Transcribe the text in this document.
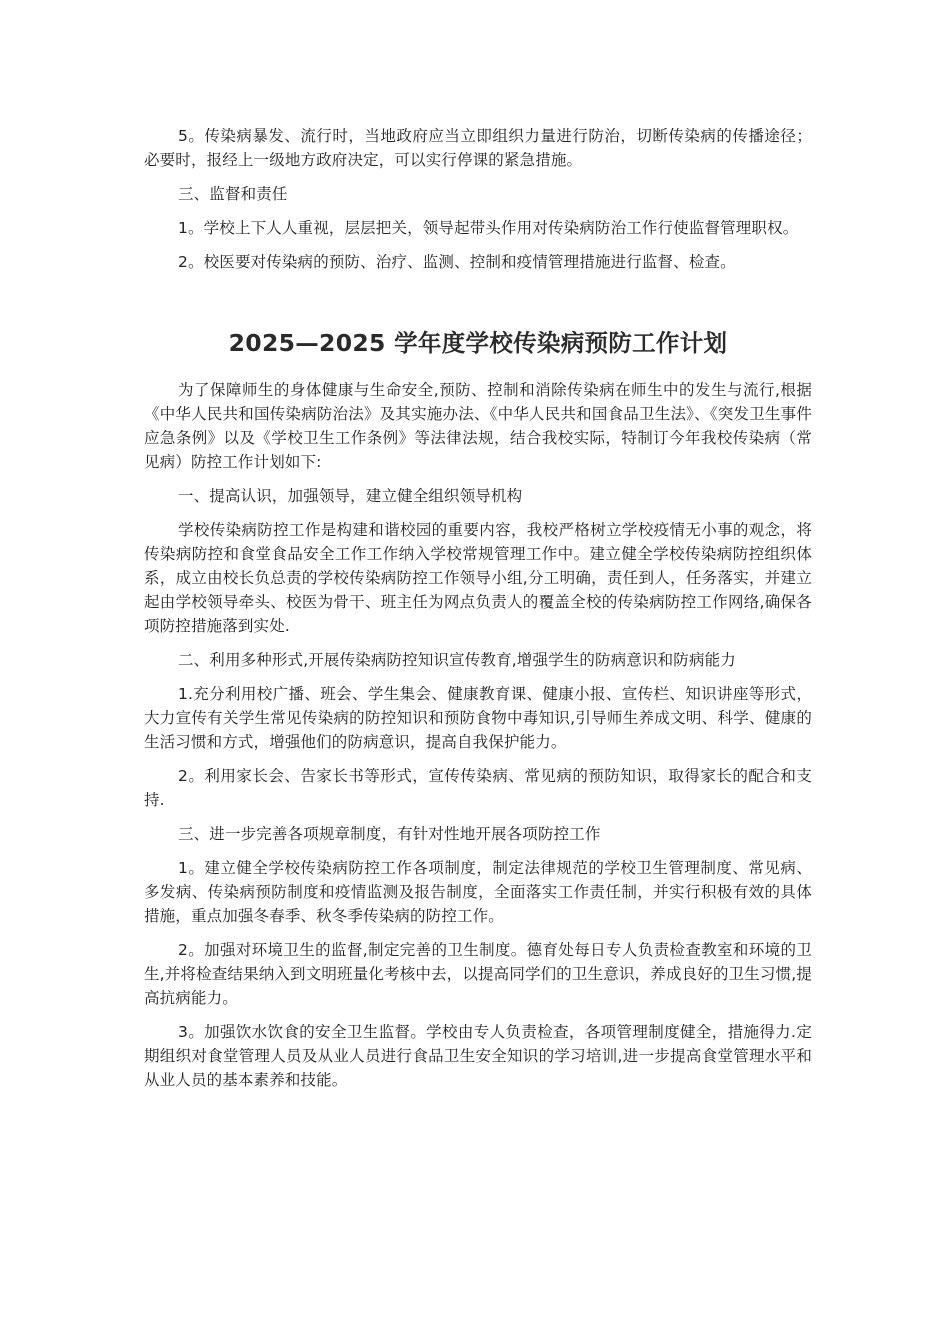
5。传染病暴发、流行时，当地政府应当立即组织力量进行防治，切断传染病的传播途径；必要时，报经上一级地方政府决定，可以实行停课的紧急措施。

三、监督和责任

1。学校上下人人重视，层层把关，领导起带头作用对传染病防治工作行使监督管理职权。

2。校医要对传染病的预防、治疗、监测、控制和疫情管理措施进行监督、检查。

2025—2025 学年度学校传染病预防工作计划

为了保障师生的身体健康与生命安全,预防、控制和消除传染病在师生中的发生与流行,根据《中华人民共和国传染病防治法》及其实施办法、《中华人民共和国食品卫生法》、《突发卫生事件应急条例》以及《学校卫生工作条例》等法律法规，结合我校实际，特制订今年我校传染病（常见病）防控工作计划如下:

一、提高认识，加强领导，建立健全组织领导机构

学校传染病防控工作是构建和谐校园的重要内容，我校严格树立学校疫情无小事的观念，将传染病防控和食堂食品安全工作工作纳入学校常规管理工作中。建立健全学校传染病防控组织体系，成立由校长负总责的学校传染病防控工作领导小组,分工明确，责任到人，任务落实，并建立起由学校领导牵头、校医为骨干、班主任为网点负责人的覆盖全校的传染病防控工作网络,确保各项防控措施落到实处.

二、利用多种形式,开展传染病防控知识宣传教育,增强学生的防病意识和防病能力

1.充分利用校广播、班会、学生集会、健康教育课、健康小报、宣传栏、知识讲座等形式，大力宣传有关学生常见传染病的防控知识和预防食物中毒知识,引导师生养成文明、科学、健康的生活习惯和方式，增强他们的防病意识，提高自我保护能力。

2。利用家长会、告家长书等形式，宣传传染病、常见病的预防知识，取得家长的配合和支持.

三、进一步完善各项规章制度，有针对性地开展各项防控工作

1。建立健全学校传染病防控工作各项制度，制定法律规范的学校卫生管理制度、常见病、多发病、传染病预防制度和疫情监测及报告制度，全面落实工作责任制，并实行积极有效的具体措施，重点加强冬春季、秋冬季传染病的防控工作。

2。加强对环境卫生的监督,制定完善的卫生制度。德育处每日专人负责检查教室和环境的卫生,并将检查结果纳入到文明班量化考核中去，以提高同学们的卫生意识，养成良好的卫生习惯,提高抗病能力。

3。加强饮水饮食的安全卫生监督。学校由专人负责检查，各项管理制度健全，措施得力.定期组织对食堂管理人员及从业人员进行食品卫生安全知识的学习培训,进一步提高食堂管理水平和从业人员的基本素养和技能。
